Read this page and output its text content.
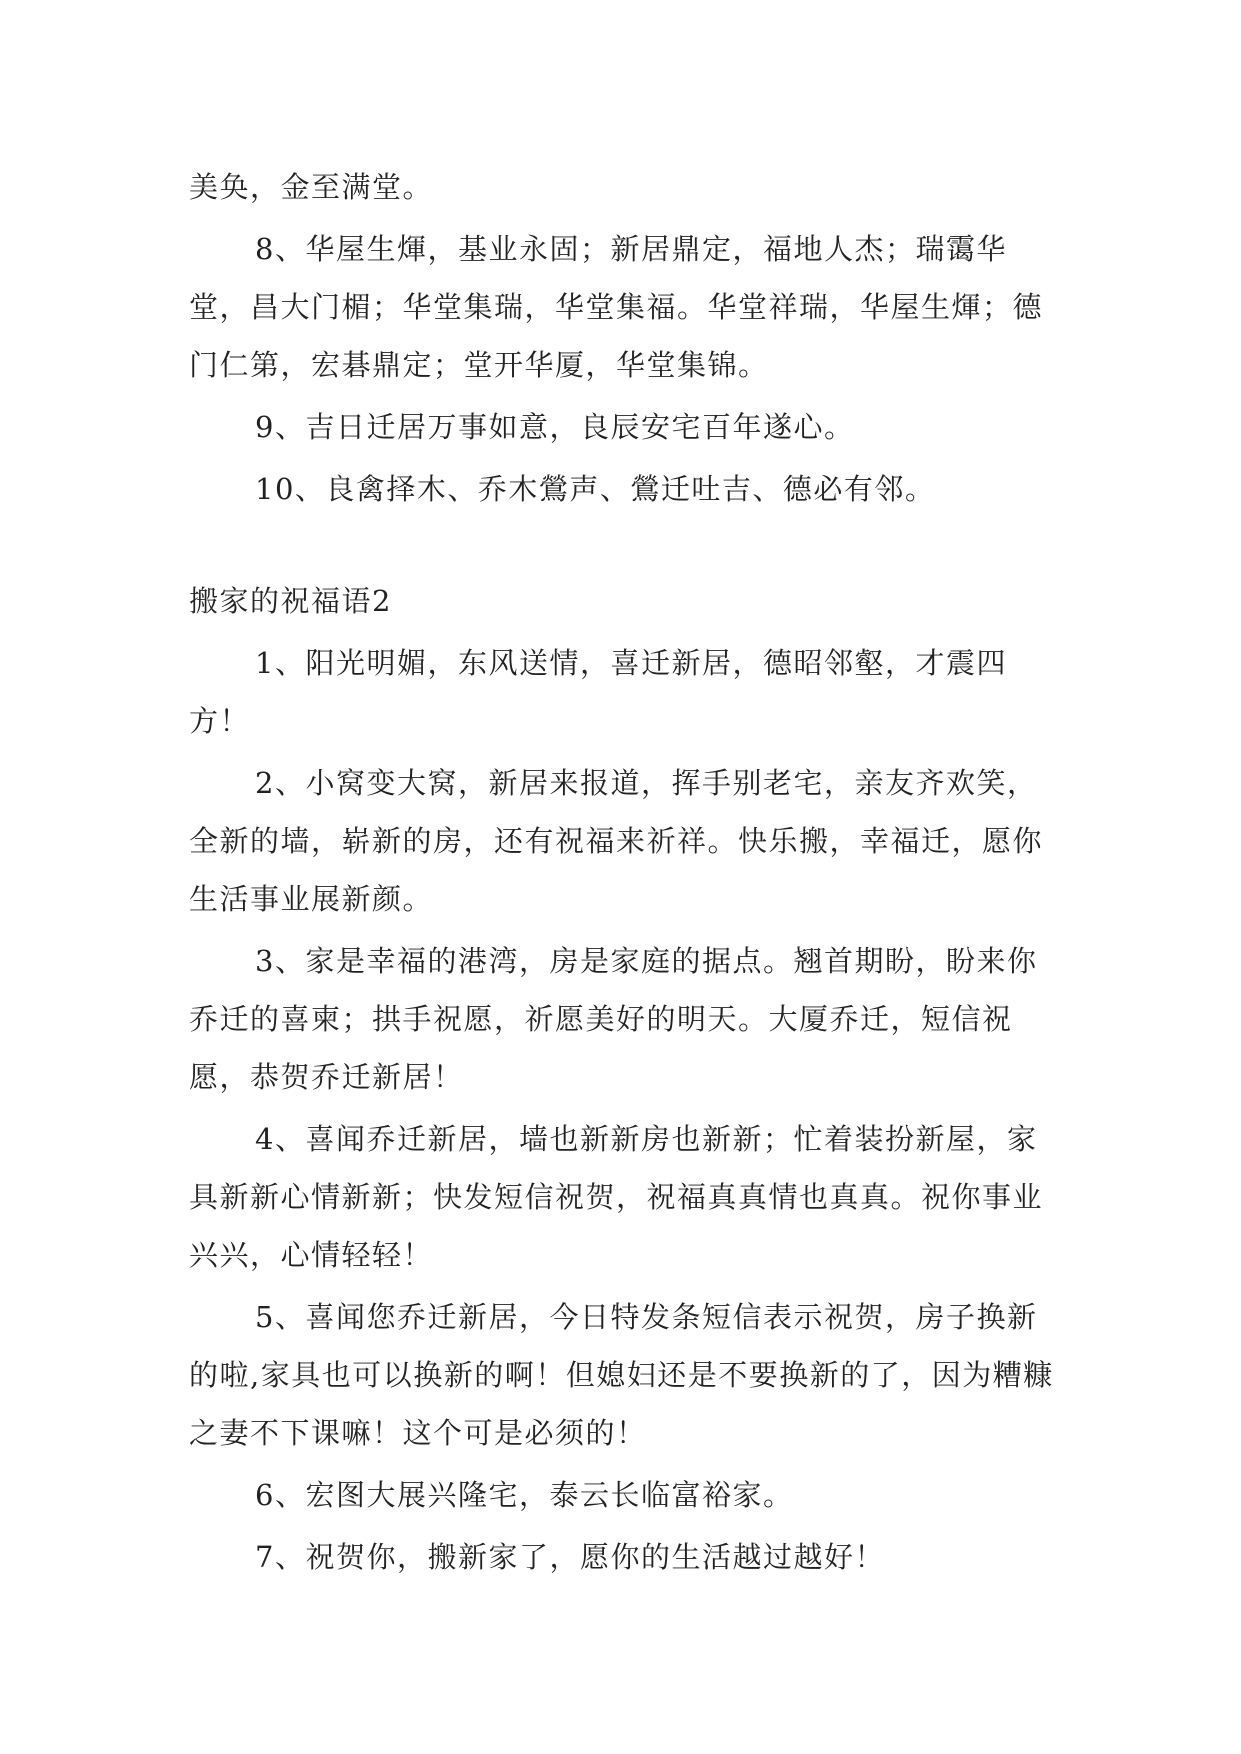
美奂，金至满堂。

8、华屋生煇，基业永固；新居鼎定，福地人杰；瑞霭华堂，昌大门楣；华堂集瑞，华堂集福。华堂祥瑞，华屋生煇；德门仁第，宏碁鼎定；堂开华厦，华堂集锦。

9、吉日迁居万事如意，良辰安宅百年遂心。

10、良禽择木、乔木鶯声、鶯迁吐吉、德必有邻。

搬家的祝福语2

1、阳光明媚，东风送情，喜迁新居，德昭邻壑，才震四方！

2、小窝变大窝，新居来报道，挥手别老宅，亲友齐欢笑，全新的墙，崭新的房，还有祝福来祈祥。快乐搬，幸福迁，愿你生活事业展新颜。

3、家是幸福的港湾，房是家庭的据点。翘首期盼，盼来你乔迁的喜柬；拱手祝愿，祈愿美好的明天。大厦乔迁，短信祝愿，恭贺乔迁新居！

4、喜闻乔迁新居，墙也新新房也新新；忙着装扮新屋，家具新新心情新新；快发短信祝贺，祝福真真情也真真。祝你事业兴兴，心情轻轻！

5、喜闻您乔迁新居，今日特发条短信表示祝贺，房子换新的啦,家具也可以换新的啊！但媳妇还是不要换新的了，因为糟糠之妻不下课嘛！这个可是必须的！

6、宏图大展兴隆宅，泰云长临富裕家。

7、祝贺你，搬新家了，愿你的生活越过越好！
